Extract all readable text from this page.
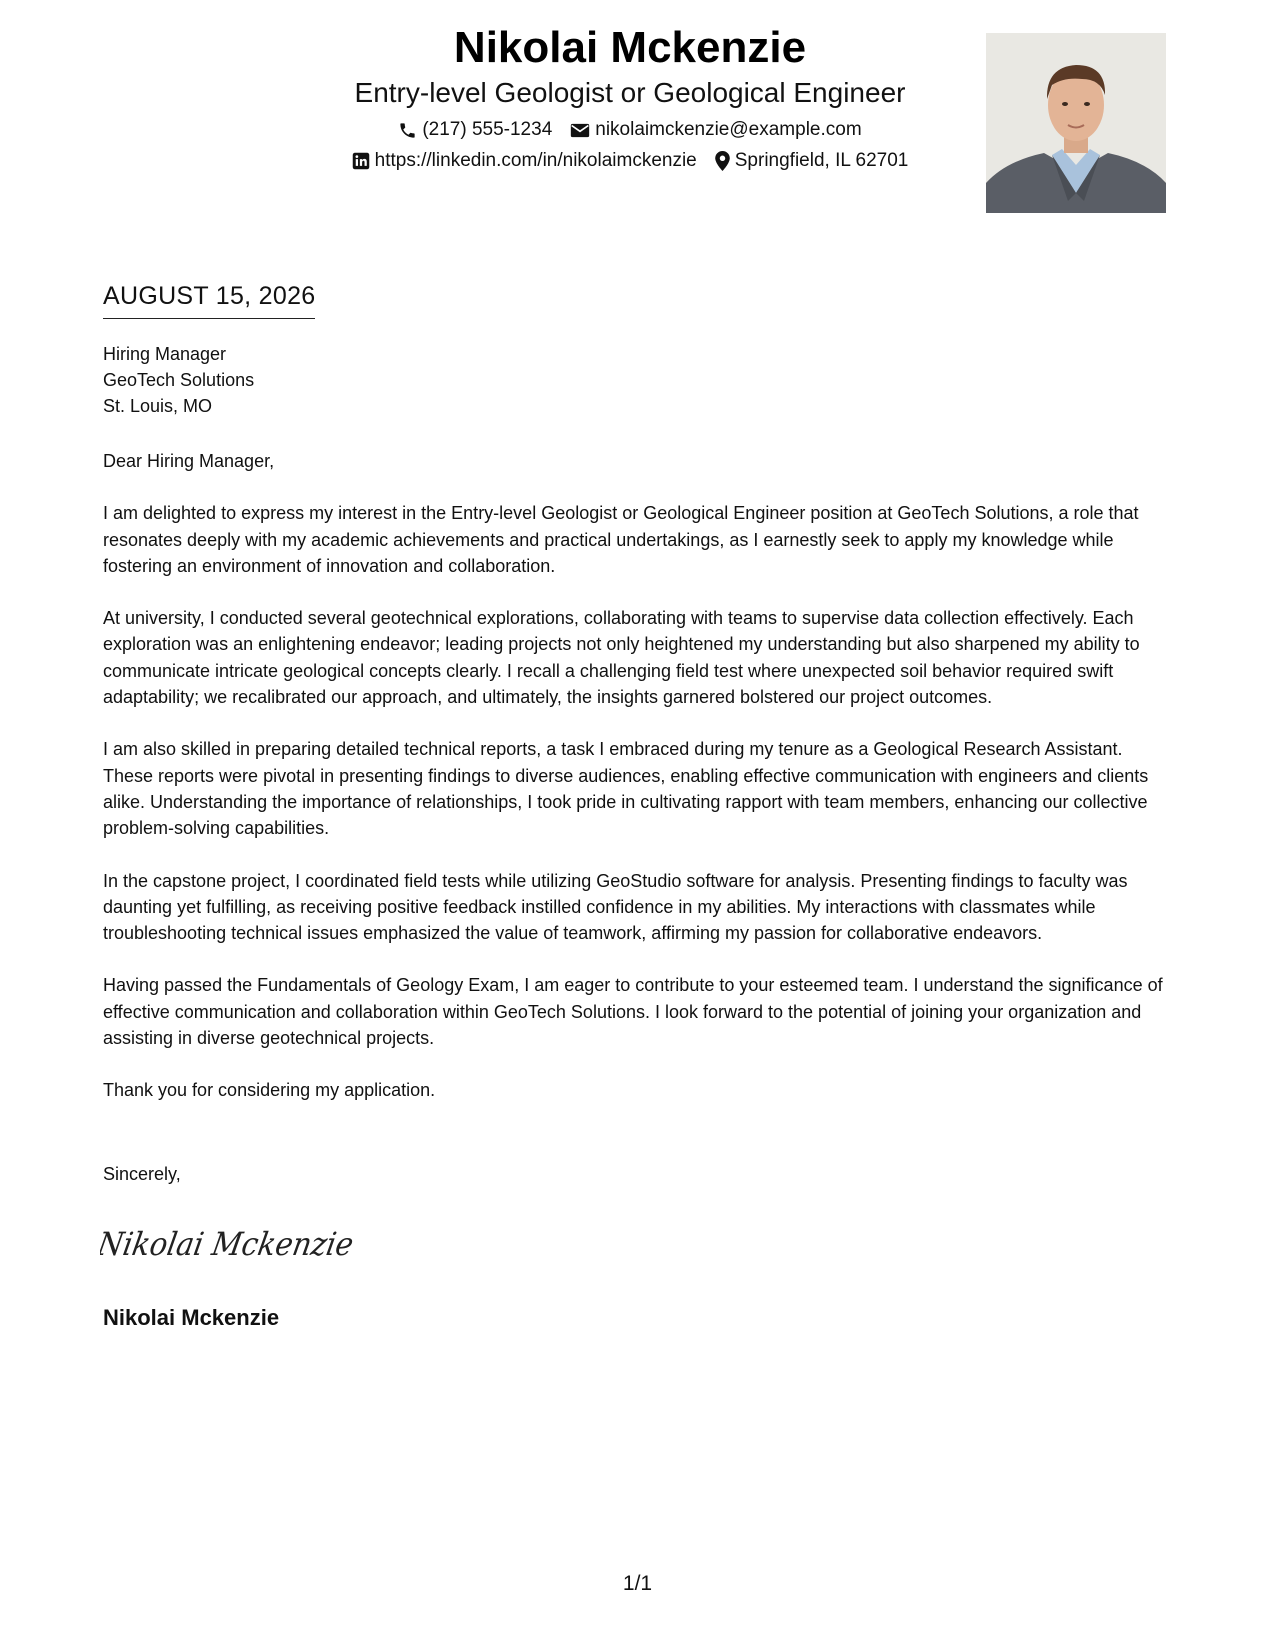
Nikolai Mckenzie
Entry-level Geologist or Geological Engineer
(217) 555-1234 nikolaimckenzie@example.com
https://linkedin.com/in/nikolaimckenzie Springfield, IL 62701
AUGUST 15, 2026
Hiring Manager
GeoTech Solutions
St. Louis, MO

Dear Hiring Manager,

I am delighted to express my interest in the Entry-level Geologist or Geological Engineer position at GeoTech Solutions, a role that resonates deeply with my academic achievements and practical undertakings, as I earnestly seek to apply my knowledge while fostering an environment of innovation and collaboration.

At university, I conducted several geotechnical explorations, collaborating with teams to supervise data collection effectively. Each exploration was an enlightening endeavor; leading projects not only heightened my understanding but also sharpened my ability to communicate intricate geological concepts clearly. I recall a challenging field test where unexpected soil behavior required swift adaptability; we recalibrated our approach, and ultimately, the insights garnered bolstered our project outcomes.

I am also skilled in preparing detailed technical reports, a task I embraced during my tenure as a Geological Research Assistant. These reports were pivotal in presenting findings to diverse audiences, enabling effective communication with engineers and clients alike. Understanding the importance of relationships, I took pride in cultivating rapport with team members, enhancing our collective problem-solving capabilities.

In the capstone project, I coordinated field tests while utilizing GeoStudio software for analysis. Presenting findings to faculty was daunting yet fulfilling, as receiving positive feedback instilled confidence in my abilities. My interactions with classmates while troubleshooting technical issues emphasized the value of teamwork, affirming my passion for collaborative endeavors.

Having passed the Fundamentals of Geology Exam, I am eager to contribute to your esteemed team. I understand the significance of effective communication and collaboration within GeoTech Solutions. I look forward to the potential of joining your organization and assisting in diverse geotechnical projects.

Thank you for considering my application.

Sincerely,
Nikolai Mckenzie
Nikolai Mckenzie
1/1
